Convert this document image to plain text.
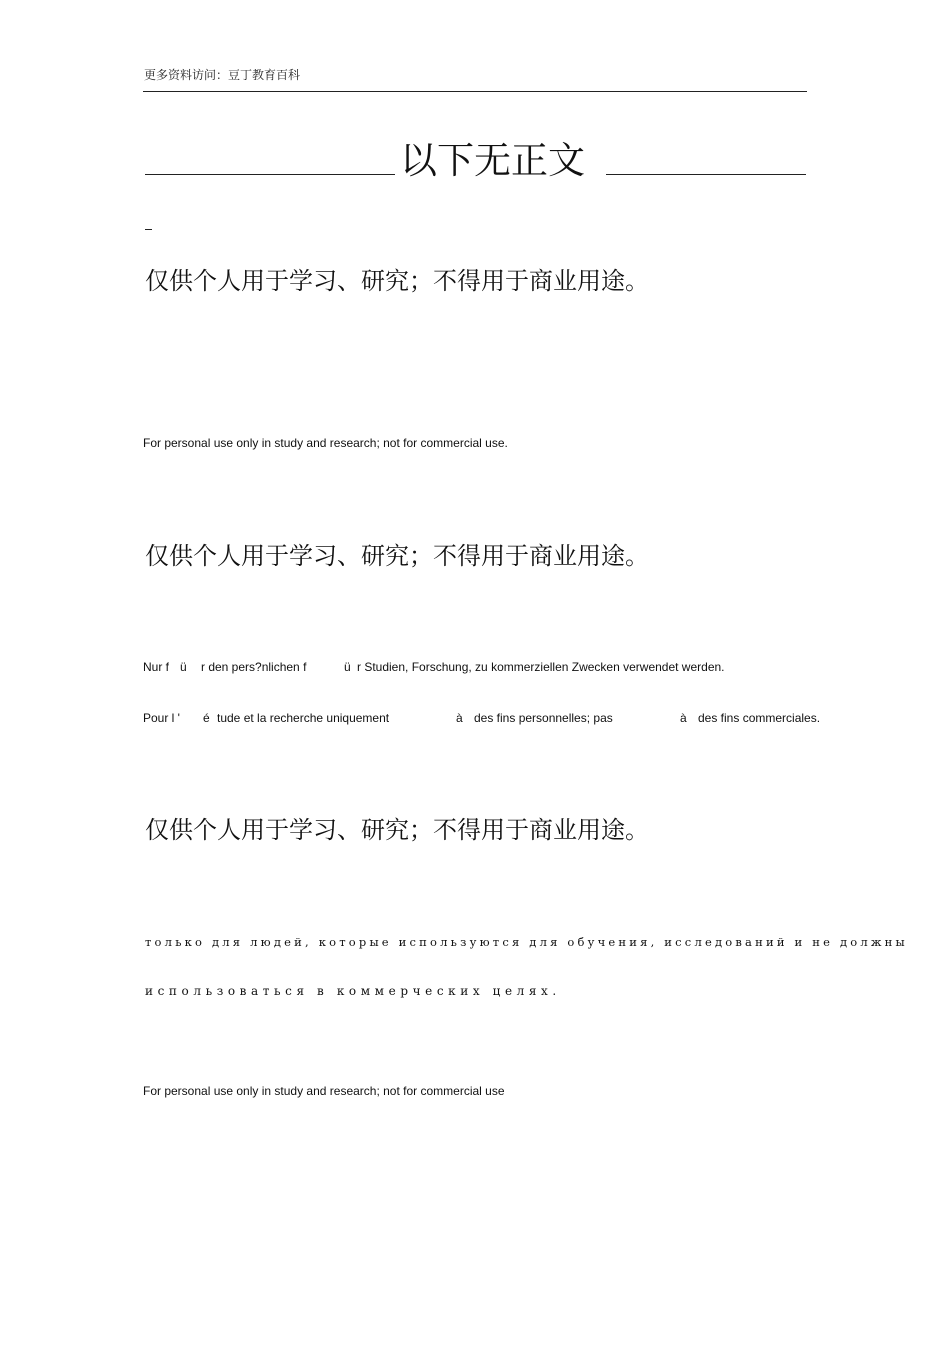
更多资料访问：豆丁教育百科
以下无正文
仅供个人用于学习、研究；不得用于商业用途。
For personal use only in study and research; not for commercial use.
仅供个人用于学习、研究；不得用于商业用途。
Nur f ü r den pers?nlichen f	ü r Studien, Forschung, zu kommerziellen Zwecken verwendet werden.
Pour l ' é tude et la recherche uniquement	à des fins personnelles; pas	à des fins commerciales.
仅供个人用于学习、研究；不得用于商业用途。
только для людей, которые используются для обучения, исследований и не должны
использоваться в коммерческих целях.
For personal use only in study and research; not for commercial use
